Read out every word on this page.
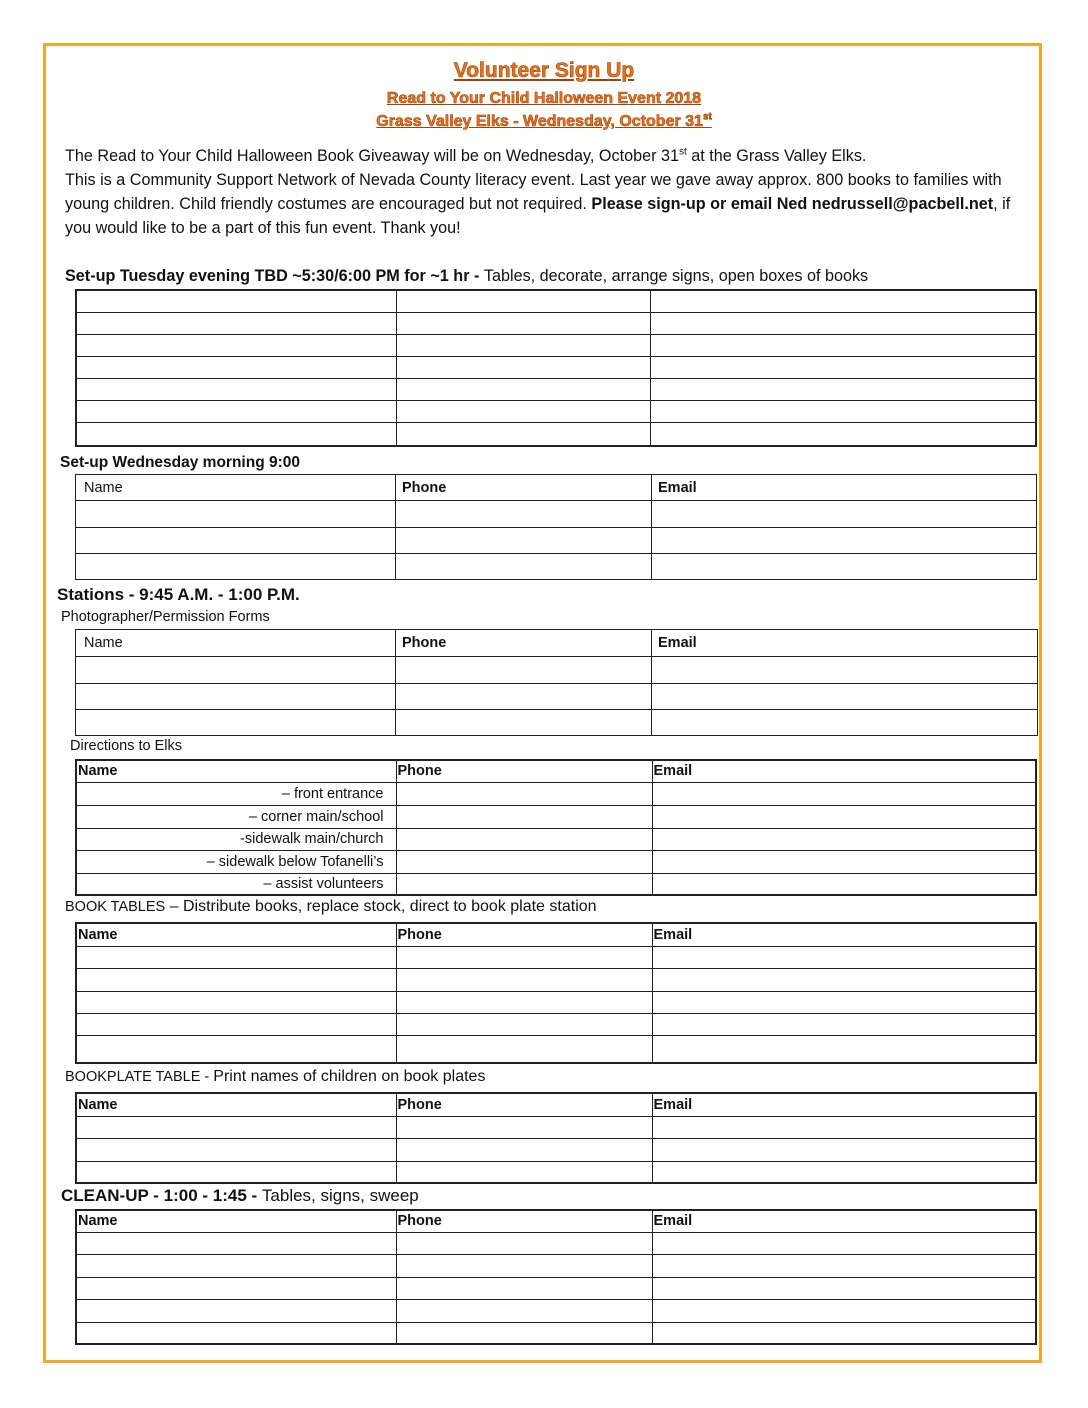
Volunteer Sign Up
Read to Your Child Halloween Event 2018
Grass Valley Elks - Wednesday, October 31st

The Read to Your Child Halloween Book Giveaway will be on Wednesday, October 31st at the Grass Valley Elks.

This is a Community Support Network of Nevada County literacy event. Last year we gave away approx. 800 books to families with young children. Child friendly costumes are encouraged but not required. Please sign-up or email Ned nedrussell@pacbell.net, if you would like to be a part of this fun event. Thank you!

Set-up Tuesday evening TBD ~5:30/6:00 PM for ~1 hr - Tables, decorate, arrange signs, open boxes of books

Set-up Wednesday morning 9:00
Name	Phone	Email

Stations - 9:45 A.M. - 1:00 P.M.
Photographer/Permission Forms
Name	Phone	Email

Directions to Elks
Name	Phone	Email
– front entrance		
– corner main/school		
-sidewalk main/church		
– sidewalk below Tofanelli’s		
– assist volunteers		
BOOK TABLES – Distribute books, replace stock, direct to book plate station
Name	Phone	Email

BOOKPLATE TABLE - Print names of children on book plates
Name	Phone	Email

CLEAN-UP - 1:00 - 1:45 - Tables, signs, sweep
Name	Phone	Email
